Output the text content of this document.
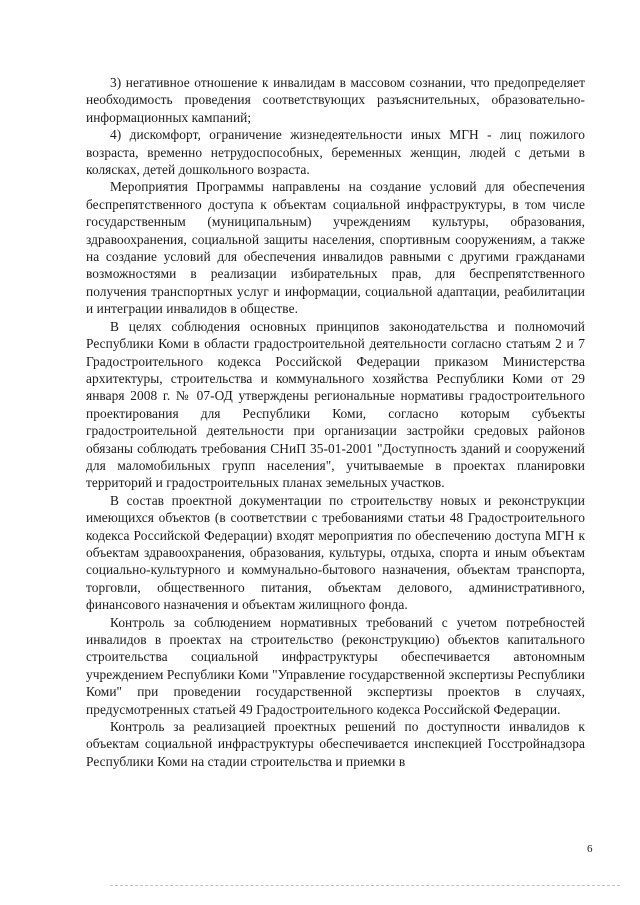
3) негативное отношение к инвалидам в массовом сознании, что предопределяет необходимость проведения соответствующих разъяснительных, образовательно-информационных кампаний;

4) дискомфорт, ограничение жизнедеятельности иных МГН - лиц пожилого возраста, временно нетрудоспособных, беременных женщин, людей с детьми в колясках, детей дошкольного возраста.

Мероприятия Программы направлены на создание условий для обеспечения беспрепятственного доступа к объектам социальной инфраструктуры, в том числе государственным (муниципальным) учреждениям культуры, образования, здравоохранения, социальной защиты населения, спортивным сооружениям, а также на создание условий для обеспечения инвалидов равными с другими гражданами возможностями в реализации избирательных прав, для беспрепятственного получения транспортных услуг и информации, социальной адаптации, реабилитации и интеграции инвалидов в обществе.

В целях соблюдения основных принципов законодательства и полномочий Республики Коми в области градостроительной деятельности согласно статьям 2 и 7 Градостроительного кодекса Российской Федерации приказом Министерства архитектуры, строительства и коммунального хозяйства Республики Коми от 29 января 2008 г. № 07-ОД утверждены региональные нормативы градостроительного проектирования для Республики Коми, согласно которым субъекты градостроительной деятельности при организации застройки средовых районов обязаны соблюдать требования СНиП 35-01-2001 "Доступность зданий и сооружений для маломобильных групп населения", учитываемые в проектах планировки территорий и градостроительных планах земельных участков.

В состав проектной документации по строительству новых и реконструкции имеющихся объектов (в соответствии с требованиями статьи 48 Градостроительного кодекса Российской Федерации) входят мероприятия по обеспечению доступа МГН к объектам здравоохранения, образования, культуры, отдыха, спорта и иным объектам социально-культурного и коммунально-бытового назначения, объектам транспорта, торговли, общественного питания, объектам делового, административного, финансового назначения и объектам жилищного фонда.

Контроль за соблюдением нормативных требований с учетом потребностей инвалидов в проектах на строительство (реконструкцию) объектов капитального строительства социальной инфраструктуры обеспечивается автономным учреждением Республики Коми "Управление государственной экспертизы Республики Коми" при проведении государственной экспертизы проектов в случаях, предусмотренных статьей 49 Градостроительного кодекса Российской Федерации.

Контроль за реализацией проектных решений по доступности инвалидов к объектам социальной инфраструктуры обеспечивается инспекцией Госстройнадзора Республики Коми на стадии строительства и приемки в

6
